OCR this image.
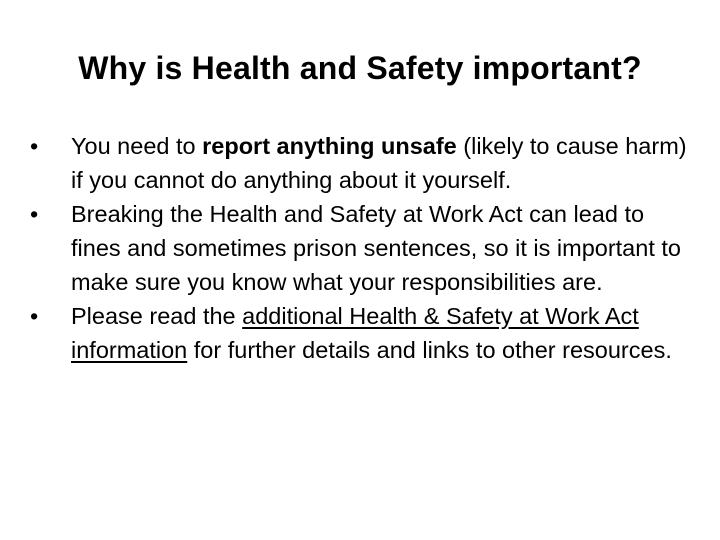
Why is Health and Safety important?
•	You need to report anything unsafe (likely to cause harm) if you cannot do anything about it yourself.
•	Breaking the Health and Safety at Work Act can lead to fines and sometimes prison sentences, so it is important to make sure you know what your responsibilities are.
•	Please read the additional Health & Safety at Work Act information for further details and links to other resources.
